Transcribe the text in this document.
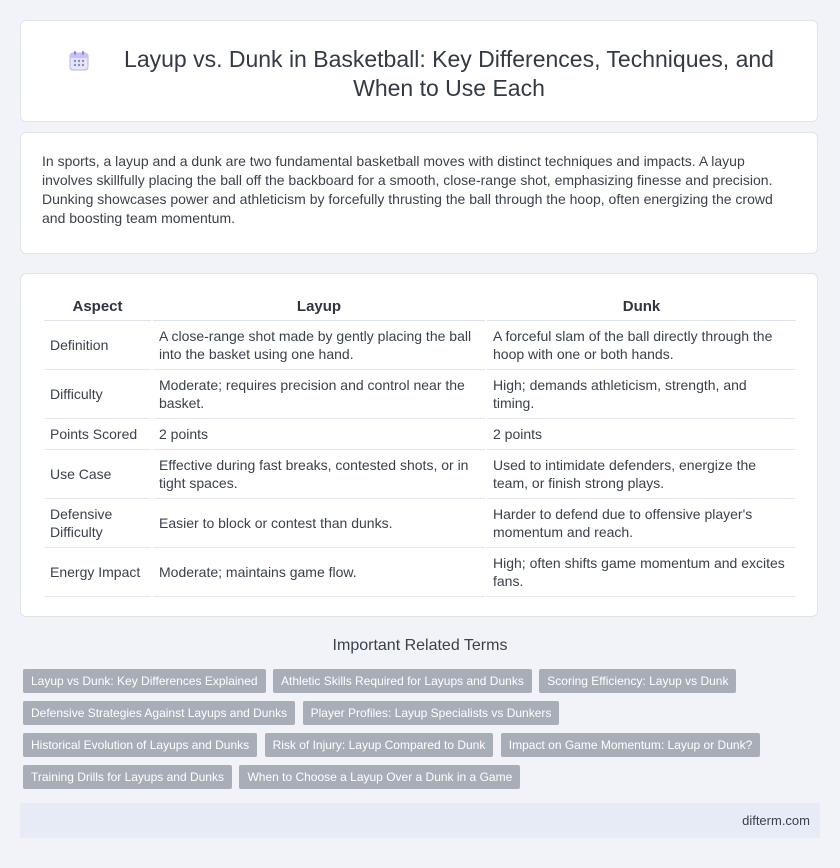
Layup vs. Dunk in Basketball: Key Differences, Techniques, and When to Use Each
In sports, a layup and a dunk are two fundamental basketball moves with distinct techniques and impacts. A layup involves skillfully placing the ball off the backboard for a smooth, close-range shot, emphasizing finesse and precision. Dunking showcases power and athleticism by forcefully thrusting the ball through the hoop, often energizing the crowd and boosting team momentum.
Aspect	Layup	Dunk
Definition	A close-range shot made by gently placing the ball into the basket using one hand.	A forceful slam of the ball directly through the hoop with one or both hands.
Difficulty	Moderate; requires precision and control near the basket.	High; demands athleticism, strength, and timing.
Points Scored	2 points	2 points
Use Case	Effective during fast breaks, contested shots, or in tight spaces.	Used to intimidate defenders, energize the team, or finish strong plays.
Defensive Difficulty	Easier to block or contest than dunks.	Harder to defend due to offensive player's momentum and reach.
Energy Impact	Moderate; maintains game flow.	High; often shifts game momentum and excites fans.
Important Related Terms
Layup vs Dunk: Key Differences Explained Athletic Skills Required for Layups and Dunks Scoring Efficiency: Layup vs Dunk Defensive Strategies Against Layups and Dunks Player Profiles: Layup Specialists vs Dunkers Historical Evolution of Layups and Dunks Risk of Injury: Layup Compared to Dunk Impact on Game Momentum: Layup or Dunk? Training Drills for Layups and Dunks When to Choose a Layup Over a Dunk in a Game
difterm.com
